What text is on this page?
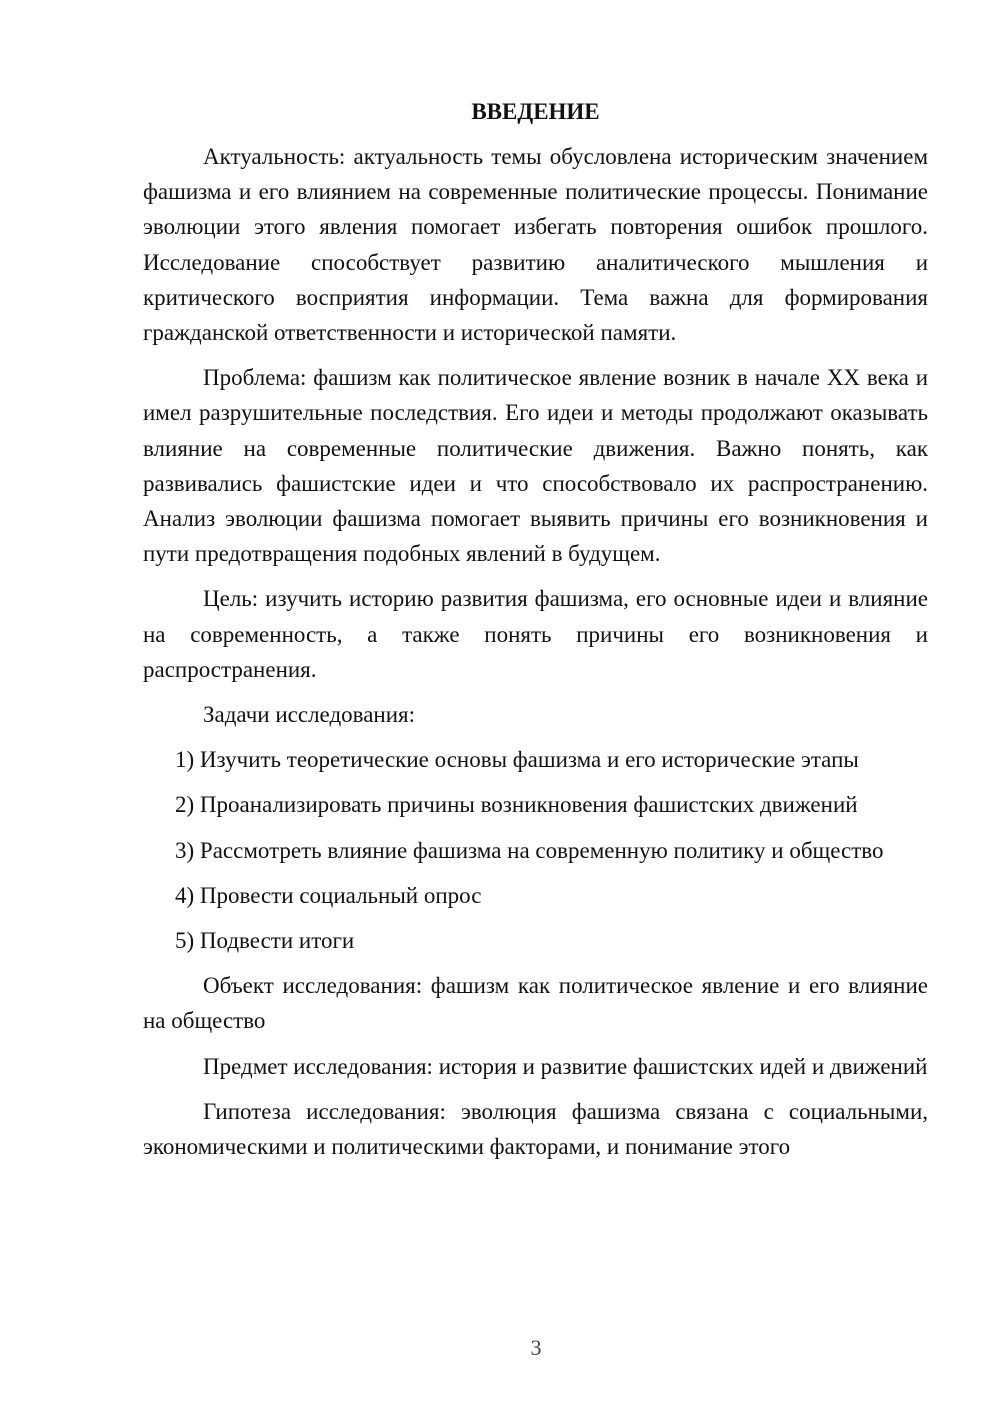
ВВЕДЕНИЕ

Актуальность: актуальность темы обусловлена историческим значением фашизма и его влиянием на современные политические процессы. Понимание эволюции этого явления помогает избегать повторения ошибок прошлого. Исследование способствует развитию аналитического мышления и критического восприятия информации. Тема важна для формирования гражданской ответственности и исторической памяти.

Проблема: фашизм как политическое явление возник в начале XX века и имел разрушительные последствия. Его идеи и методы продолжают оказывать влияние на современные политические движения. Важно понять, как развивались фашистские идеи и что способствовало их распространению. Анализ эволюции фашизма помогает выявить причины его возникновения и пути предотвращения подобных явлений в будущем.

Цель: изучить историю развития фашизма, его основные идеи и влияние на современность, а также понять причины его возникновения и распространения.

Задачи исследования:

1) Изучить теоретические основы фашизма и его исторические этапы

2) Проанализировать причины возникновения фашистских движений

3) Рассмотреть влияние фашизма на современную политику и общество

4) Провести социальный опрос

5) Подвести итоги

Объект исследования: фашизм как политическое явление и его влияние на общество

Предмет исследования: история и развитие фашистских идей и движений

Гипотеза исследования: эволюция фашизма связана с социальными, экономическими и политическими факторами, и понимание этого

3
